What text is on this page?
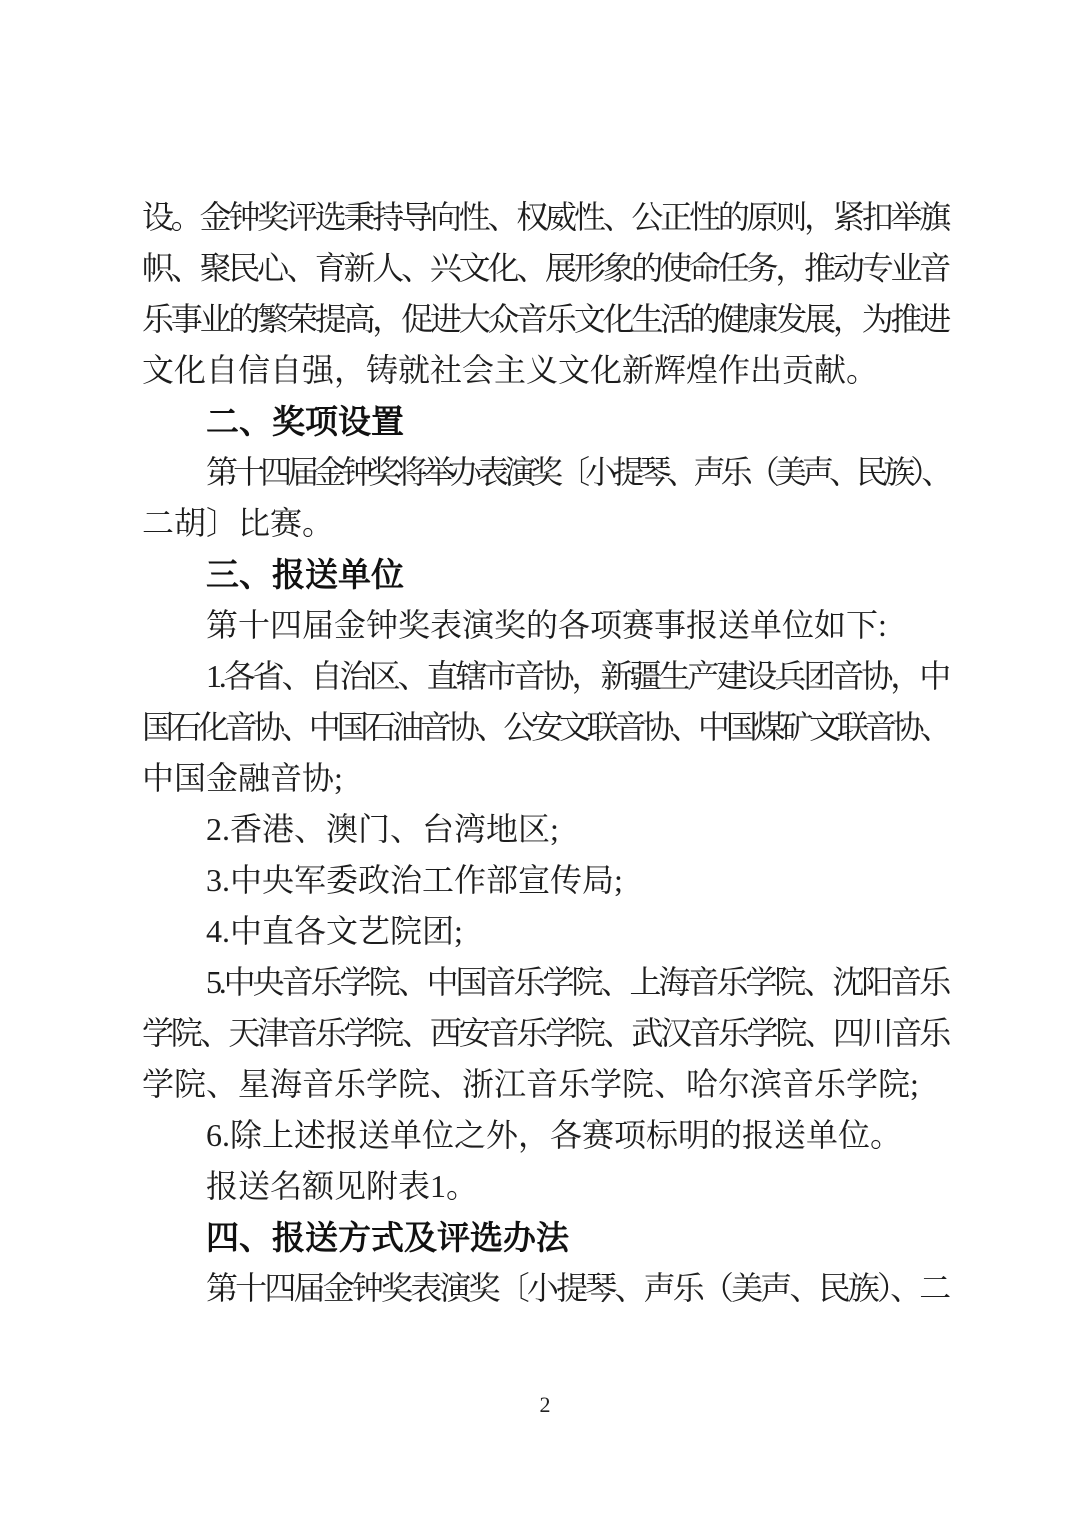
设。金钟奖评选秉持导向性、权威性、公正性的原则，紧扣举旗
帜、聚民心、育新人、兴文化、展形象的使命任务，推动专业音
乐事业的繁荣提高，促进大众音乐文化生活的健康发展，为推进
文化自信自强，铸就社会主义文化新辉煌作出贡献。
二、奖项设置
第十四届金钟奖将举办表演奖〔小提琴、声乐（美声、民族）、
二胡〕比赛。
三、报送单位
第十四届金钟奖表演奖的各项赛事报送单位如下:
1.各省、自治区、直辖市音协，新疆生产建设兵团音协，中
国石化音协、中国石油音协、公安文联音协、中国煤矿文联音协、
中国金融音协;
2.香港、澳门、台湾地区;
3.中央军委政治工作部宣传局;
4.中直各文艺院团;
5.中央音乐学院、中国音乐学院、上海音乐学院、沈阳音乐
学院、天津音乐学院、西安音乐学院、武汉音乐学院、四川音乐
学院、星海音乐学院、浙江音乐学院、哈尔滨音乐学院;
6.除上述报送单位之外，各赛项标明的报送单位。
报送名额见附表1。
四、报送方式及评选办法
第十四届金钟奖表演奖〔小提琴、声乐（美声、民族）、二
2
